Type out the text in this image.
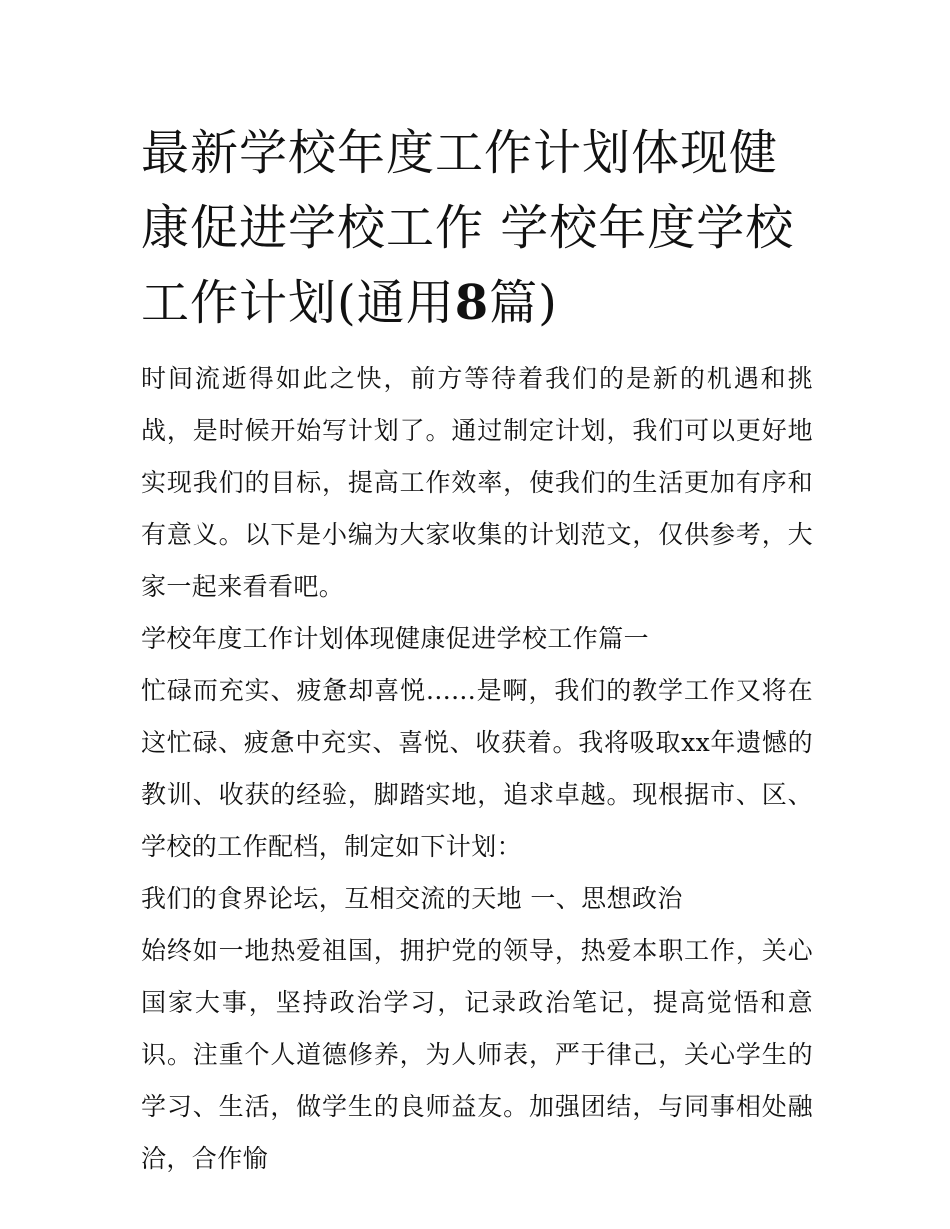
最新学校年度工作计划体现健康促进学校工作 学校年度学校工作计划(通用8篇)

时间流逝得如此之快，前方等待着我们的是新的机遇和挑战，是时候开始写计划了。通过制定计划，我们可以更好地实现我们的目标，提高工作效率，使我们的生活更加有序和有意义。以下是小编为大家收集的计划范文，仅供参考，大家一起来看看吧。

学校年度工作计划体现健康促进学校工作篇一

忙碌而充实、疲惫却喜悦......是啊，我们的教学工作又将在这忙碌、疲惫中充实、喜悦、收获着。我将吸取xx年遗憾的教训、收获的经验，脚踏实地，追求卓越。现根据市、区、学校的工作配档，制定如下计划：

我们的食界论坛，互相交流的天地 一、思想政治

始终如一地热爱祖国，拥护党的领导，热爱本职工作，关心国家大事，坚持政治学习，记录政治笔记，提高觉悟和意识。注重个人道德修养，为人师表，严于律己，关心学生的学习、生活，做学生的良师益友。加强团结，与同事相处融洽，合作愉
